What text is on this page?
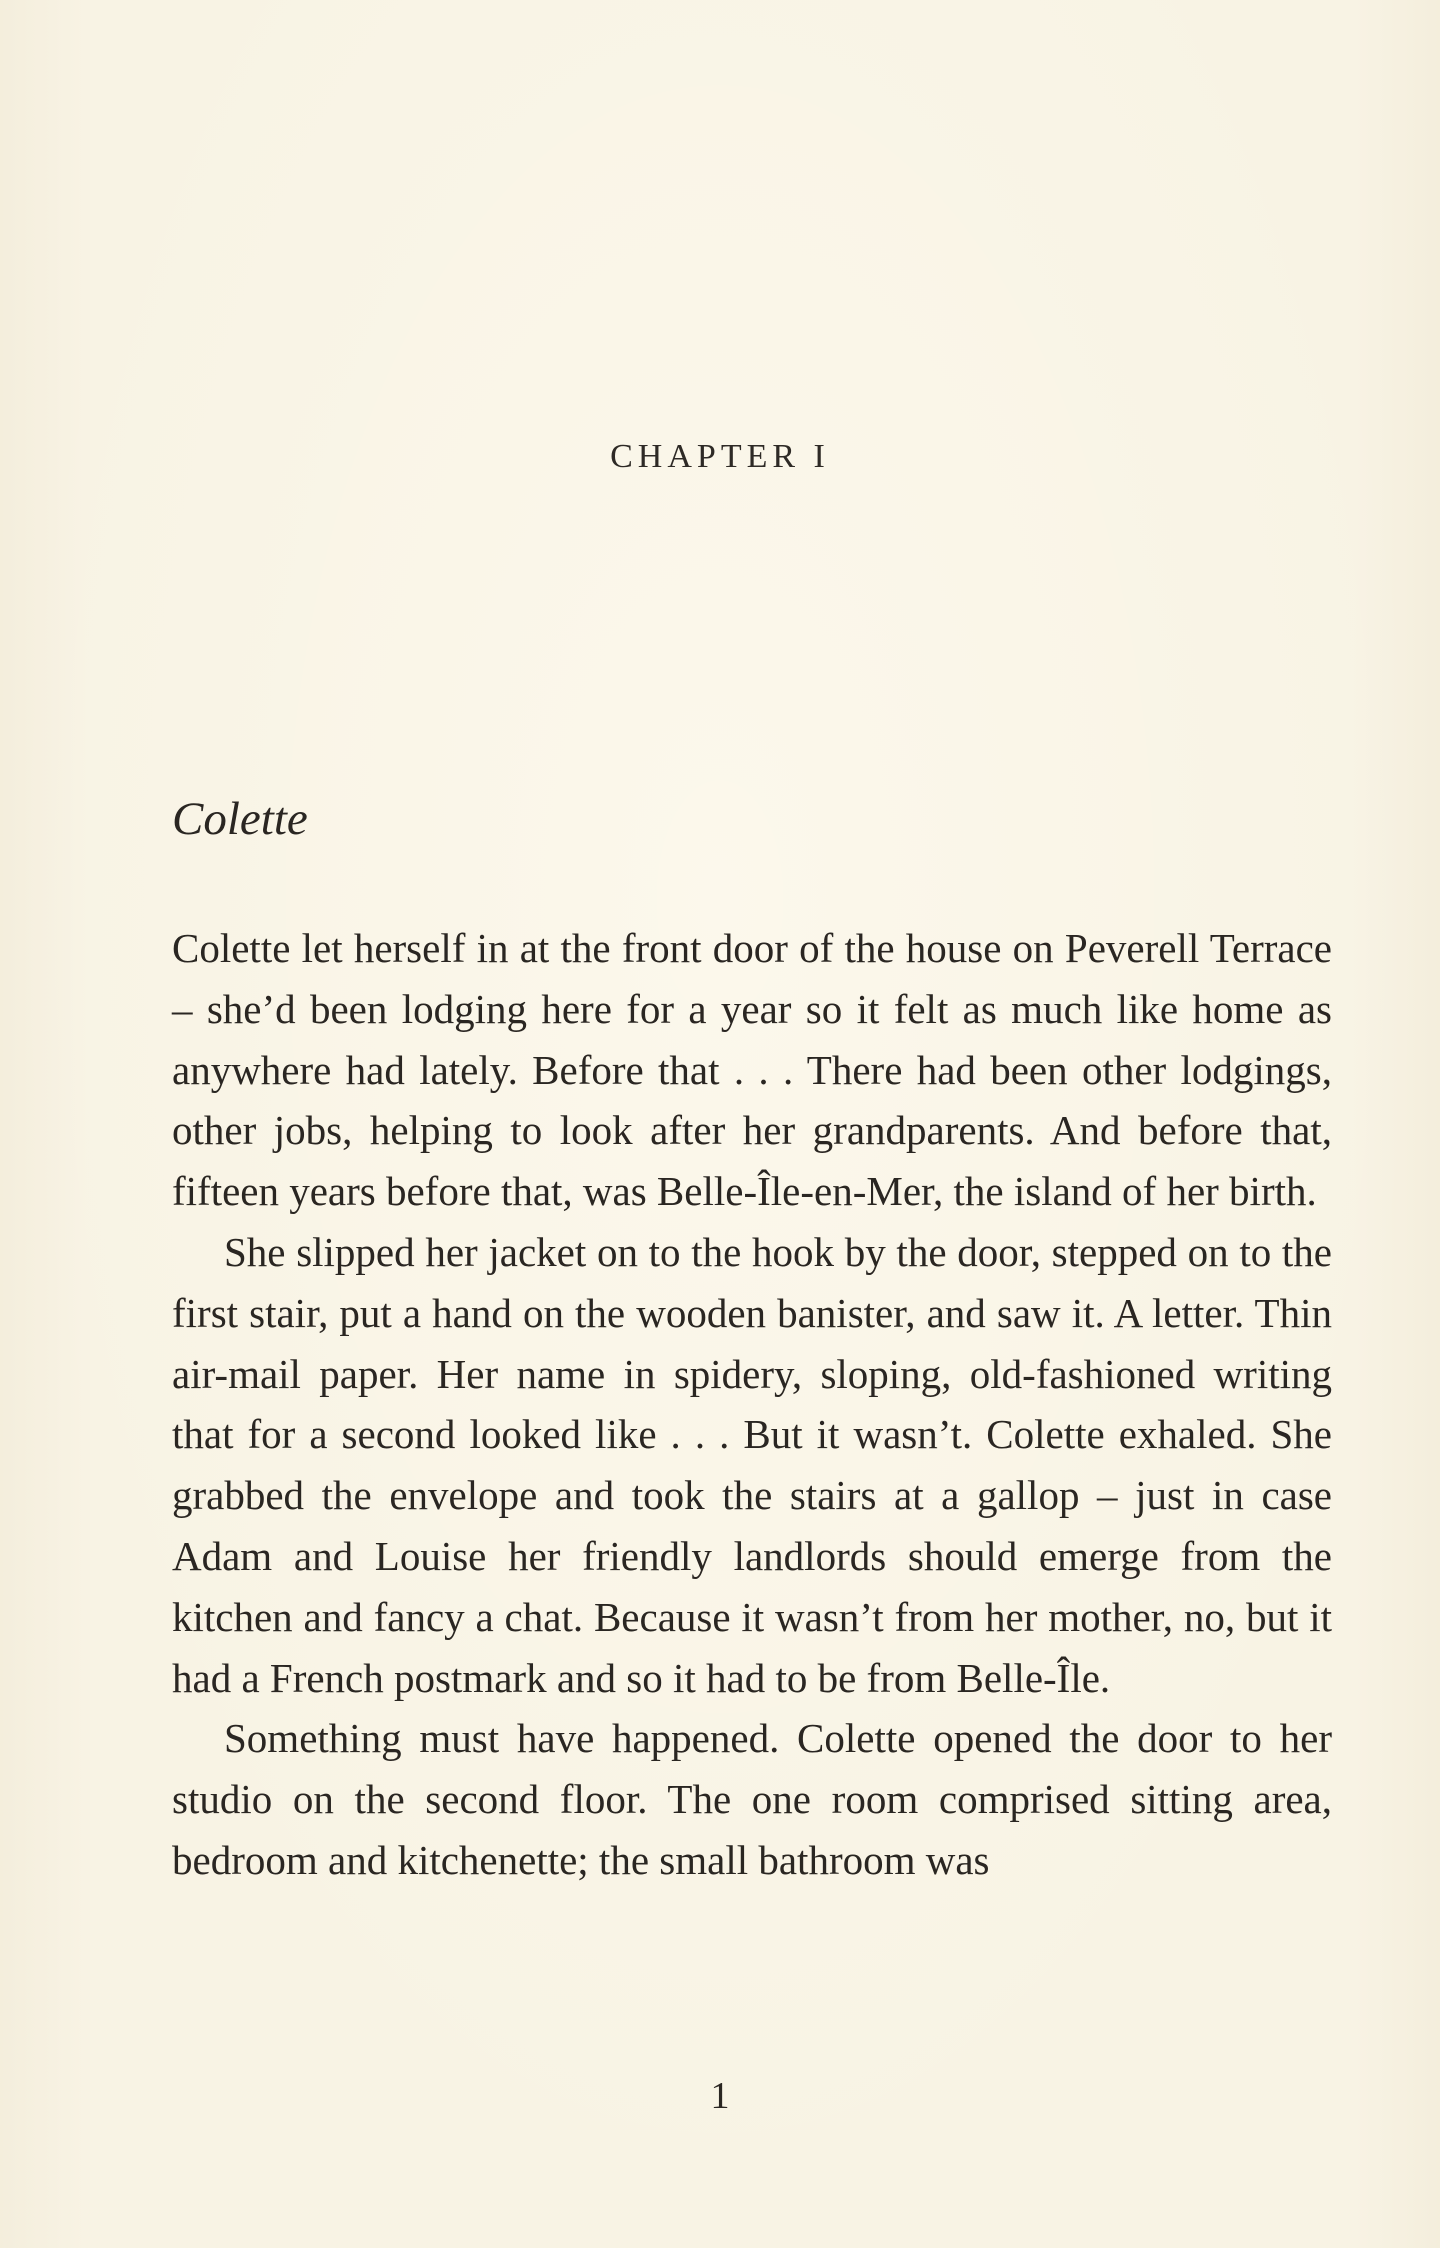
CHAPTER I
Colette

Colette let herself in at the front door of the house on Peverell Terrace – she’d been lodging here for a year so it felt as much like home as anywhere had lately. Before that . . . There had been other lodgings, other jobs, helping to look after her grandparents. And before that, fifteen years before that, was Belle-Île-en-Mer, the island of her birth.

She slipped her jacket on to the hook by the door, stepped on to the first stair, put a hand on the wooden banister, and saw it. A letter. Thin air-mail paper. Her name in spidery, sloping, old-fashioned writing that for a second looked like . . . But it wasn’t. Colette exhaled. She grabbed the envelope and took the stairs at a gallop – just in case Adam and Louise her friendly landlords should emerge from the kitchen and fancy a chat. Because it wasn’t from her mother, no, but it had a French postmark and so it had to be from Belle-Île.

Something must have happened. Colette opened the door to her studio on the second floor. The one room comprised sitting area, bedroom and kitchenette; the small bathroom was

1
